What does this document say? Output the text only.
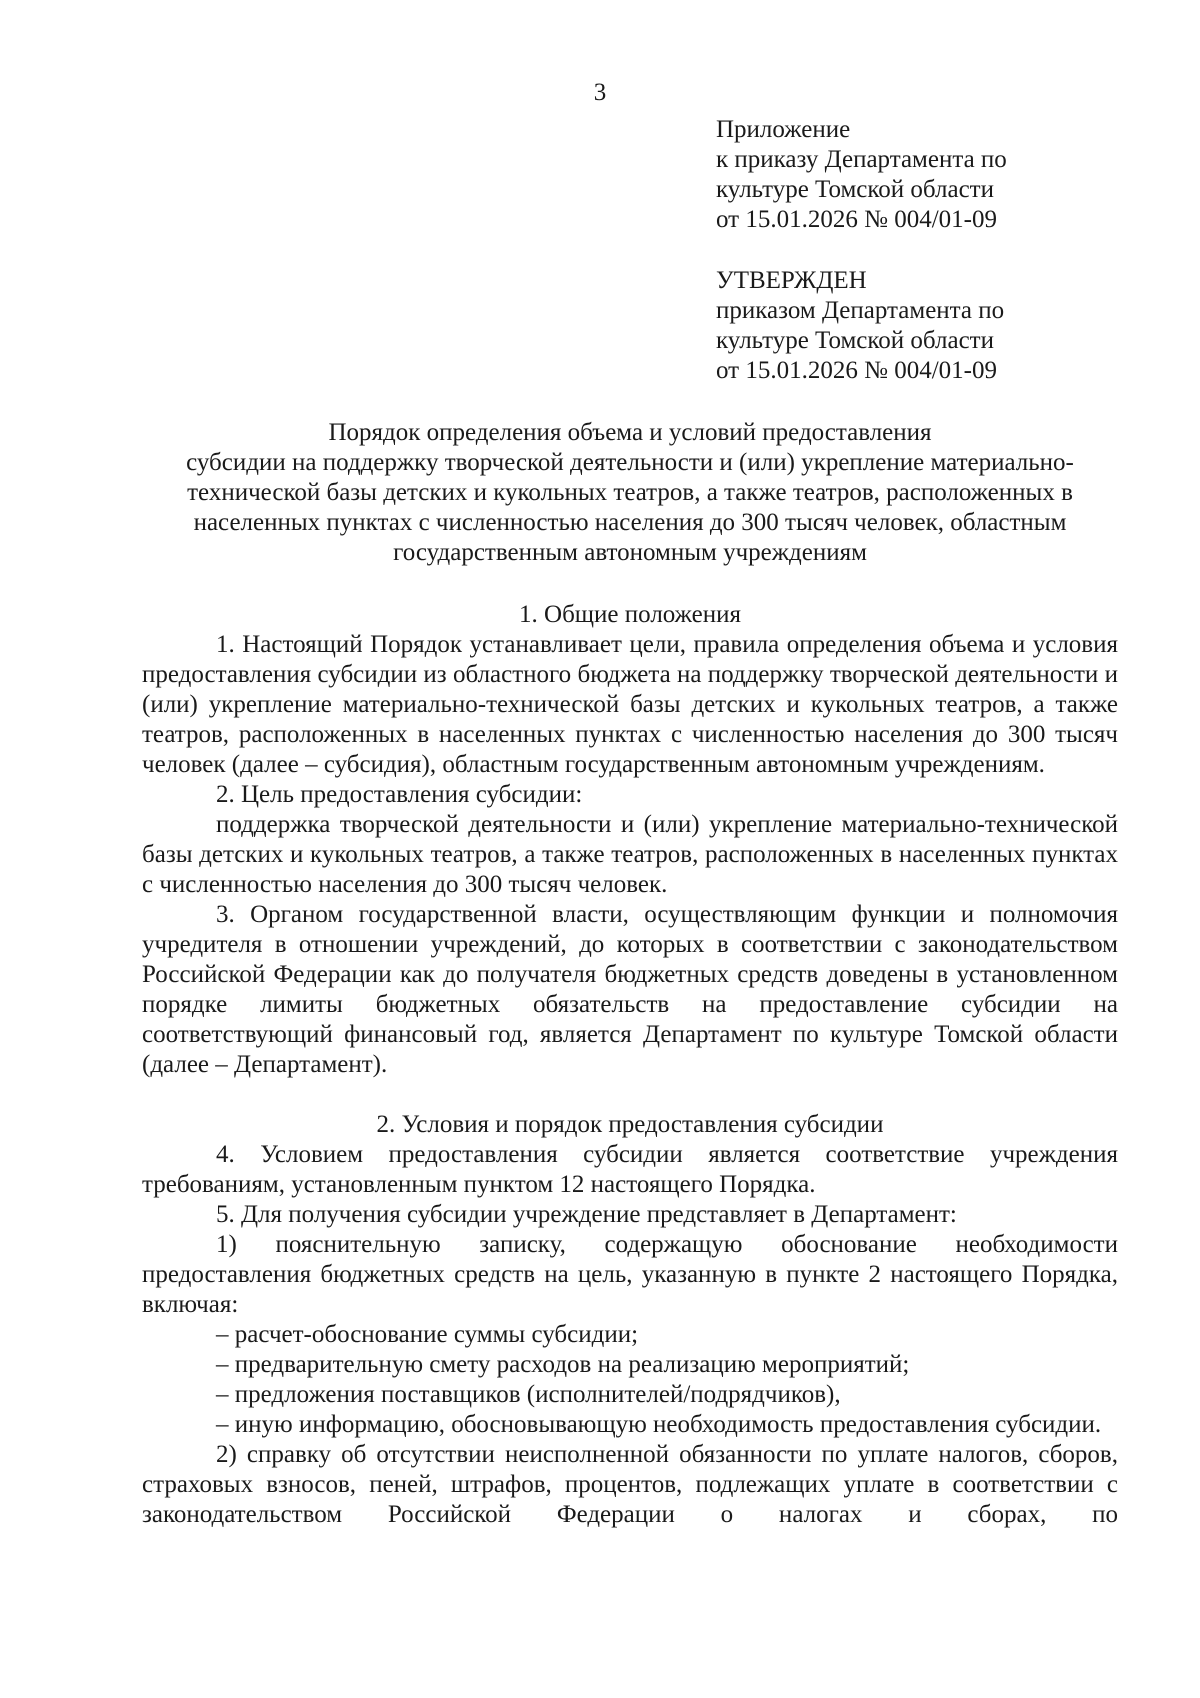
3
Приложение
к приказу Департамента по
культуре Томской области
от 15.01.2026 № 004/01-09
УТВЕРЖДЕН
приказом Департамента по
культуре Томской области
от 15.01.2026 № 004/01-09
Порядок определения объема и условий предоставления
субсидии на поддержку творческой деятельности и (или) укрепление материально-
технической базы детских и кукольных театров, а также театров, расположенных в
населенных пунктах с численностью населения до 300 тысяч человек, областным
государственным автономным учреждениям
1. Общие положения

1. Настоящий Порядок устанавливает цели, правила определения объема и условия предоставления субсидии из областного бюджета на поддержку творческой деятельности и (или) укрепление материально-технической базы детских и кукольных театров, а также театров, расположенных в населенных пунктах с численностью населения до 300 тысяч человек (далее – субсидия), областным государственным автономным учреждениям.

2. Цель предоставления субсидии:

поддержка творческой деятельности и (или) укрепление материально-технической базы детских и кукольных театров, а также театров, расположенных в населенных пунктах с численностью населения до 300 тысяч человек.

3. Органом государственной власти, осуществляющим функции и полномочия учредителя в отношении учреждений, до которых в соответствии с законодательством Российской Федерации как до получателя бюджетных средств доведены в установленном порядке лимиты бюджетных обязательств на предоставление субсидии на соответствующий финансовый год, является Департамент по культуре Томской области (далее – Департамент).

2. Условия и порядок предоставления субсидии

4. Условием предоставления субсидии является соответствие учреждения требованиям, установленным пунктом 12 настоящего Порядка.

5. Для получения субсидии учреждение представляет в Департамент:

1) пояснительную записку, содержащую обоснование необходимости предоставления бюджетных средств на цель, указанную в пункте 2 настоящего Порядка, включая:

– расчет-обоснование суммы субсидии;

– предварительную смету расходов на реализацию мероприятий;

– предложения поставщиков (исполнителей/подрядчиков),

– иную информацию, обосновывающую необходимость предоставления субсидии.

2) справку об отсутствии неисполненной обязанности по уплате налогов, сборов, страховых взносов, пеней, штрафов, процентов, подлежащих уплате в соответствии с законодательством Российской Федерации о налогах и сборах, по
